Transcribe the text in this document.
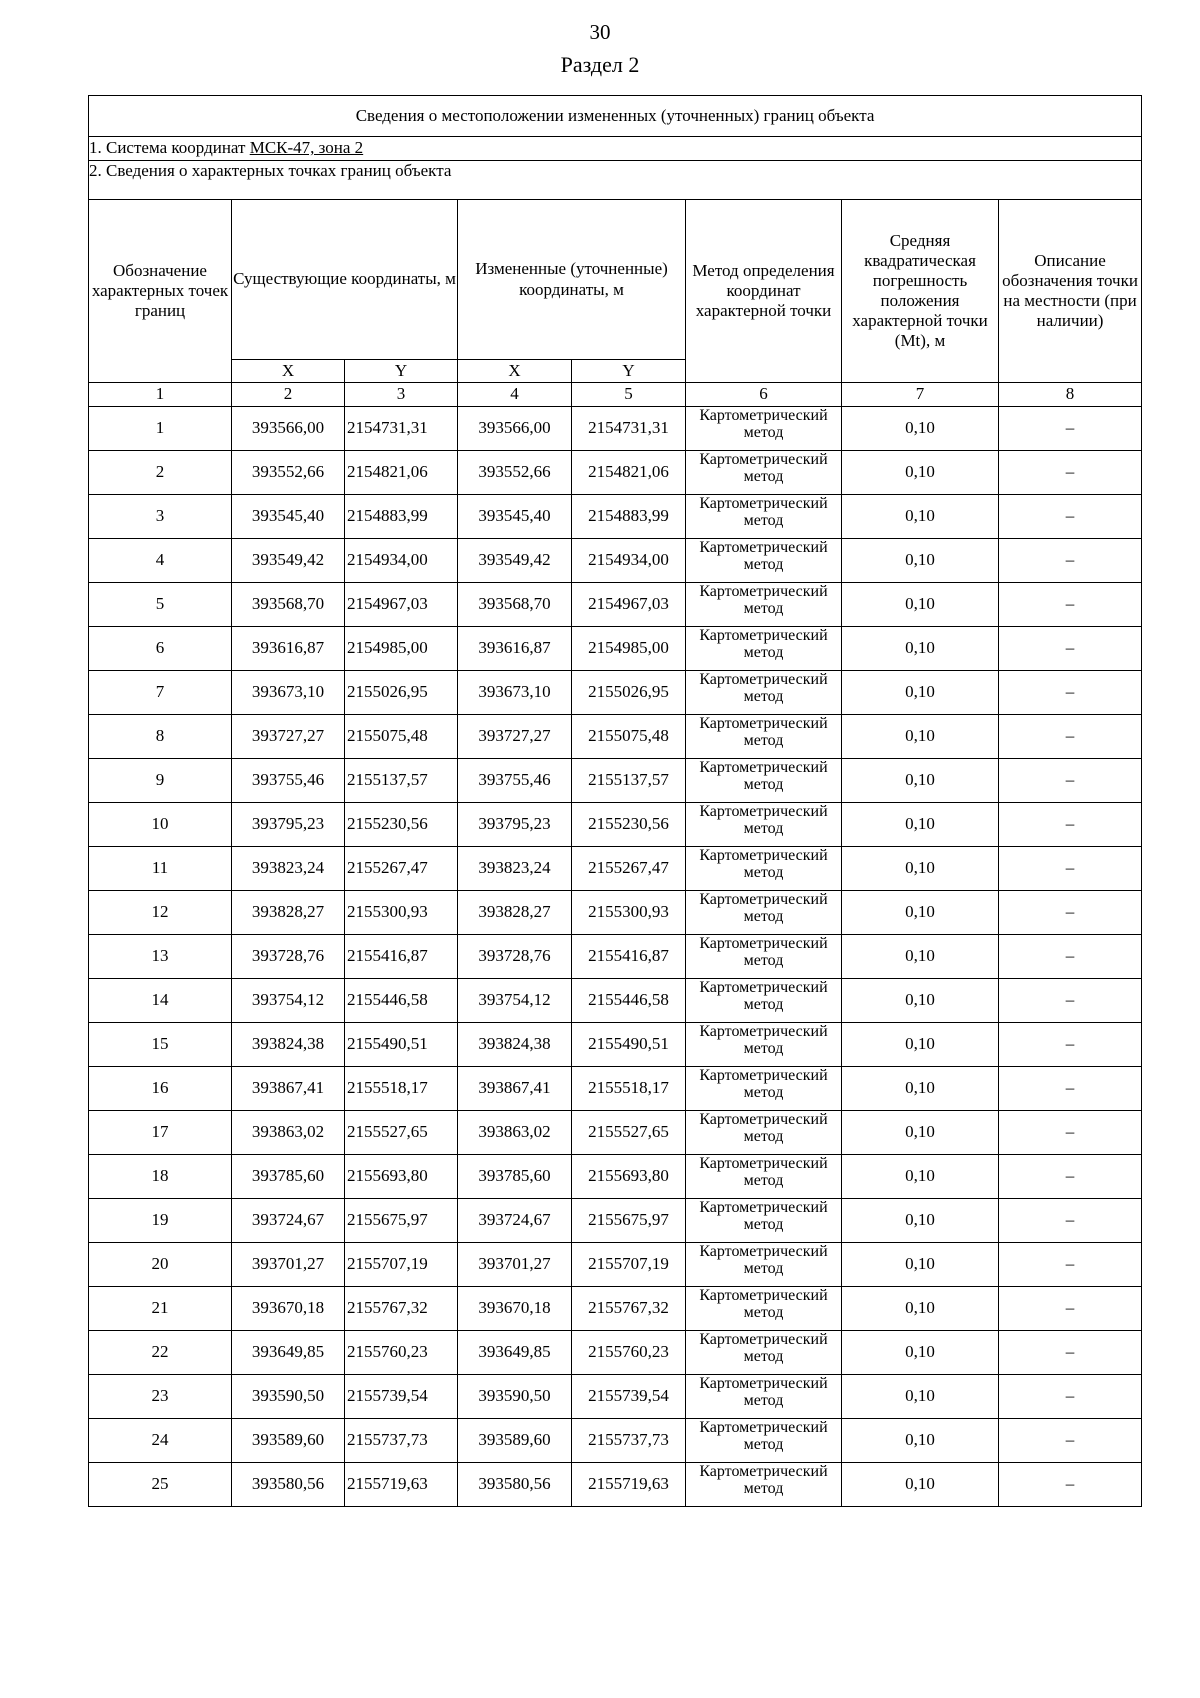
30
Раздел 2
Сведения о местоположении измененных (уточненных) границ объекта							
1. Система координат МСК-47, зона 2							
2. Сведения о характерных точках границ объекта							
Обозначение характерных точек границ	Существующие координаты, м		Измененные (уточненные) координаты, м		Метод определения координат характерной точки	Средняя квадратическая погрешность положения характерной точки (Мt), м	Описание обозначения точки на местности (при наличии)
	X	Y	X	Y			
1	2	3	4	5	6	7	8
1	393566,00	2154731,31	393566,00	2154731,31	Картометрический метод	0,10	–
2	393552,66	2154821,06	393552,66	2154821,06	Картометрический метод	0,10	–
3	393545,40	2154883,99	393545,40	2154883,99	Картометрический метод	0,10	–
4	393549,42	2154934,00	393549,42	2154934,00	Картометрический метод	0,10	–
5	393568,70	2154967,03	393568,70	2154967,03	Картометрический метод	0,10	–
6	393616,87	2154985,00	393616,87	2154985,00	Картометрический метод	0,10	–
7	393673,10	2155026,95	393673,10	2155026,95	Картометрический метод	0,10	–
8	393727,27	2155075,48	393727,27	2155075,48	Картометрический метод	0,10	–
9	393755,46	2155137,57	393755,46	2155137,57	Картометрический метод	0,10	–
10	393795,23	2155230,56	393795,23	2155230,56	Картометрический метод	0,10	–
11	393823,24	2155267,47	393823,24	2155267,47	Картометрический метод	0,10	–
12	393828,27	2155300,93	393828,27	2155300,93	Картометрический метод	0,10	–
13	393728,76	2155416,87	393728,76	2155416,87	Картометрический метод	0,10	–
14	393754,12	2155446,58	393754,12	2155446,58	Картометрический метод	0,10	–
15	393824,38	2155490,51	393824,38	2155490,51	Картометрический метод	0,10	–
16	393867,41	2155518,17	393867,41	2155518,17	Картометрический метод	0,10	–
17	393863,02	2155527,65	393863,02	2155527,65	Картометрический метод	0,10	–
18	393785,60	2155693,80	393785,60	2155693,80	Картометрический метод	0,10	–
19	393724,67	2155675,97	393724,67	2155675,97	Картометрический метод	0,10	–
20	393701,27	2155707,19	393701,27	2155707,19	Картометрический метод	0,10	–
21	393670,18	2155767,32	393670,18	2155767,32	Картометрический метод	0,10	–
22	393649,85	2155760,23	393649,85	2155760,23	Картометрический метод	0,10	–
23	393590,50	2155739,54	393590,50	2155739,54	Картометрический метод	0,10	–
24	393589,60	2155737,73	393589,60	2155737,73	Картометрический метод	0,10	–
25	393580,56	2155719,63	393580,56	2155719,63	Картометрический метод	0,10	–
